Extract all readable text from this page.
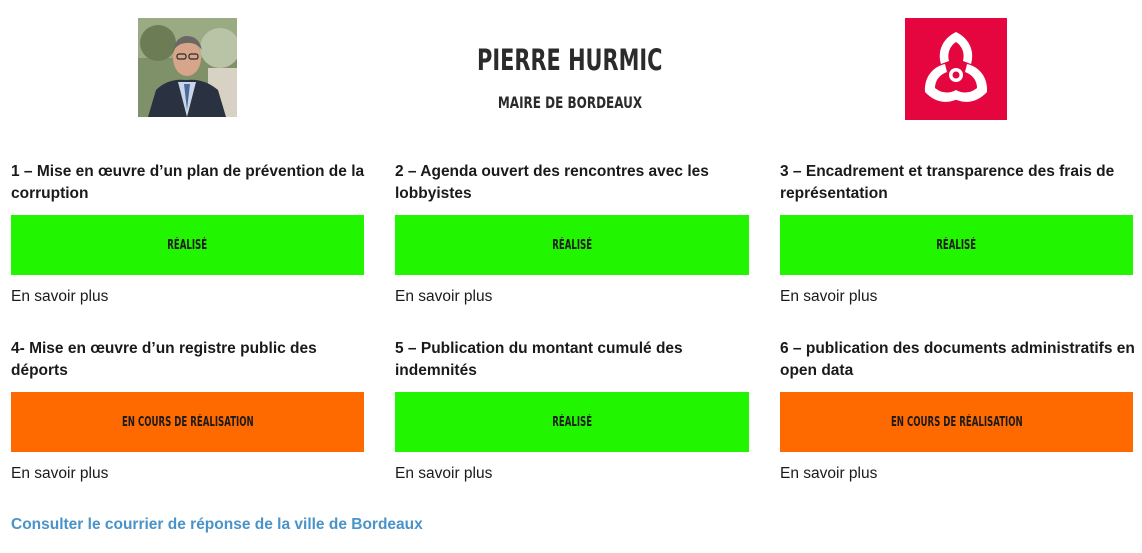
PIERRE HURMIC
MAIRE DE BORDEAUX

1 – Mise en œuvre d’un plan de prévention de la corruption

RÉALISÉ
En savoir plus

2 – Agenda ouvert des rencontres avec les lobbyistes

RÉALISÉ
En savoir plus

3 – Encadrement et transparence des frais de représentation

RÉALISÉ
En savoir plus

4- Mise en œuvre d’un registre public des déports

EN COURS DE RÉALISATION
En savoir plus

5 – Publication du montant cumulé des indemnités

RÉALISÉ
En savoir plus

6 – publication des documents administratifs en open data

EN COURS DE RÉALISATION
En savoir plus
Consulter le courrier de réponse de la ville de Bordeaux
